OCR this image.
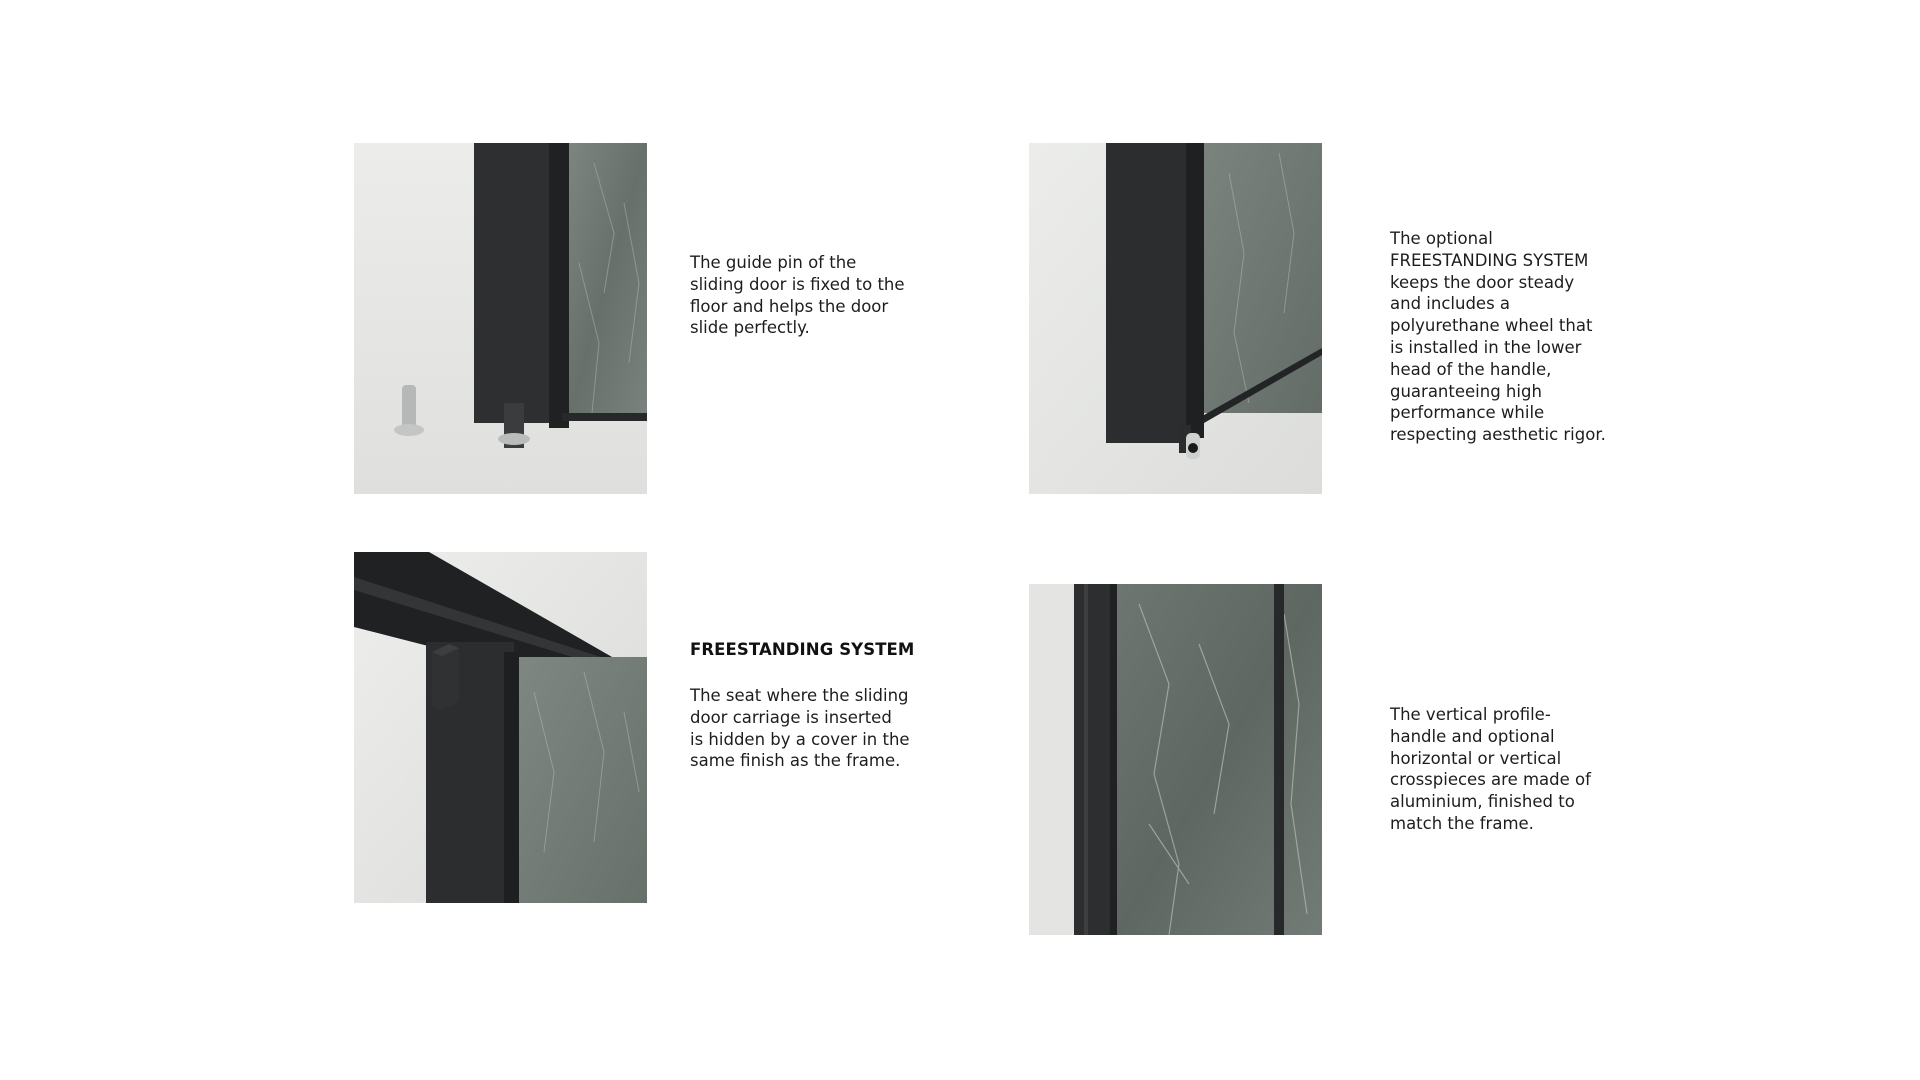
The guide pin of the
sliding door is fixed to the
floor and helps the door
slide perfectly.
The optional
FREESTANDING SYSTEM
keeps the door steady
and includes a
polyurethane wheel that
is installed in the lower
head of the handle,
guaranteeing high
performance while
respecting aesthetic rigor.
FREESTANDING SYSTEM
The seat where the sliding
door carriage is inserted
is hidden by a cover in the
same finish as the frame.
The vertical profile-
handle and optional
horizontal or vertical
crosspieces are made of
aluminium, finished to
match the frame.
